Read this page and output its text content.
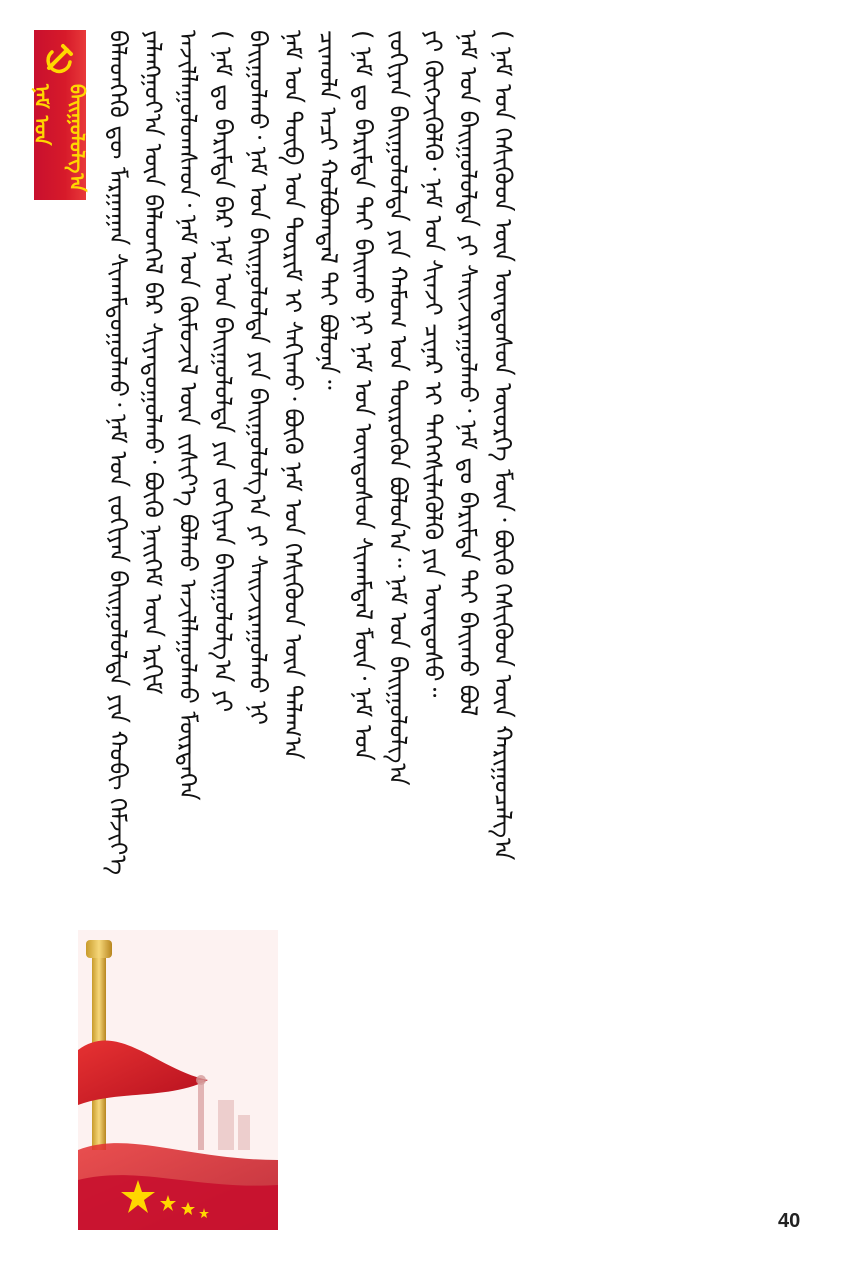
ᠨᠠᠮ ᠤᠨ ᠪᠠᠢᠭᠤᠯᠤᠯᠭ᠎ᠠ ᠪᠡᠯᠡᠳᠬᠡᠬᠦ ᠳᠦ ᠮᠠᠷᠭᠠᠭᠠᠨ ᠰᠢᠬᠠᠮᠳᠤᠭᠤᠯᠬᠤ᠂ ᠨᠠᠮ ᠤᠨ ᠵᠣᠬᠢᠶᠠᠨ ᠪᠠᠢᠭᠤᠯᠤᠯᠲᠠ ᠶᠢᠨ ᠬᠤᠪᠢ ᠬᠡᠮᠵᠢᠶ᠎ᠡ ᠶᠠᠯᠠᠩᠭᠤᠶ᠎ᠠ ᠦᠨ ᠪᠡᠯᠡᠳᠬᠡᠯ ᠪᠠᠷ ᠰᠢᠶᠠᠳᠤᠭᠤᠯᠬᠤ᠂ ᠪᠦᠬᠦ ᠨᠡᠢᠭᠡᠮ ᠦᠨ ᠡᠷᠬᠢᠮ ᠠᠵᠢᠯᠯᠠᠭᠤᠯᠤᠭᠰᠠᠳ᠂ ᠨᠠᠮ ᠤᠨ ᠬᠦᠮᠦᠵᠢᠯ ᠦᠨ ᠵᠢᠱᠢᠶ᠎ᠡ ᠪᠣᠯᠬᠤ ᠠᠵᠢᠯᠯᠠᠭᠤᠯᠬᠤ ᠮᠦᠷᠲᠡᠭᠡᠨ ( ᠨᠠᠮ ᠳᠤ ᠪᠠᠷᠢᠮᠲᠠ ᠪᠡᠷ ᠨᠠᠮ ᠤᠨ ᠪᠠᠢᠭᠤᠯᠤᠯᠲᠠ ᠶᠢᠨ ᠵᠣᠬᠢᠶᠠᠨ ᠪᠠᠢᠭᠤᠯᠤᠯᠭ᠎ᠠ ᠶᠢ ᠪᠠᠢᠭᠤᠯᠬᠤ᠂ ᠨᠠᠮ ᠤᠨ ᠪᠠᠢᠭᠤᠯᠤᠯᠲᠠ ᠶᠢᠨ ᠪᠠᠢᠭᠤᠯᠤᠯᠭ᠎ᠠ ᠶᠢ ᠰᠠᠢᠵᠢᠷᠠᠭᠤᠯᠬᠤ ᠨᠢ ᠨᠠᠮ ᠤᠨ ᠲᠥᠪ ᠤᠨ ᠳᠦᠷᠢᠮ ᠢ ᠰᠠᠬᠢᠬᠤ᠂ ᠪᠦᠬᠦ ᠨᠠᠮ ᠤᠨ ᠭᠡᠰᠢᠭᠦᠳ ᠦᠨ ᠲᠠᠯᠠᠭ᠎ᠠ ᠴᠢᠬᠤᠯᠠ ᠠᠴᠢ ᠬᠣᠯᠪᠣᠭᠳᠠᠯ ᠲᠠᠢ ᠪᠣᠯᠤᠨᠠ᠃ ( ᠨᠠᠮ ᠳᠤ ᠪᠠᠷᠢᠮᠲᠠ ᠲᠠᠢ ᠪᠠᠢᠬᠤ ᠨᠢ ᠨᠠᠮ ᠤᠨ ᠦᠨᠳᠦᠰᠦᠨ ᠰᠢᠬᠠᠮᠳᠠᠯ ᠮᠥᠨ᠂ ᠨᠠᠮ ᠤᠨ ᠵᠣᠬᠢᠶᠠᠨ ᠪᠠᠢᠭᠤᠯᠤᠯᠲᠠ ᠶᠢᠨ ᠬᠠᠮᠤᠭ ᠤᠨ ᠲᠦᠷᠦᠭᠦᠨ ᠪᠣᠯᠤᠨ᠎ᠠ᠃ ᠨᠠᠮ ᠤᠨ ᠪᠠᠢᠭᠤᠯᠤᠯᠭ᠎ᠠ ᠶᠢ ᠬᠥᠭᠵᠢᠭᠦᠯᠬᠦ᠂ ᠨᠠᠮ ᠤᠨ ᠰᠢᠨᠵᠢ ᠴᠢᠨᠠᠷ ᠢ ᠳᠡᠭᠡᠭᠰᠢᠯᠡᠭᠦᠯᠬᠦ ᠶᠢᠨ ᠦᠨᠳᠦᠰᠦ᠃ ᠨᠠᠮ ᠤᠨ ᠪᠠᠢᠭᠤᠯᠤᠯᠲᠠ ᠶᠢ ᠰᠠᠢᠵᠢᠷᠠᠭᠤᠯᠬᠤ᠂ ᠨᠠᠮ ᠳᠤ ᠪᠠᠷᠢᠮᠲᠠ ᠲᠠᠢ ᠪᠠᠢᠬᠤ ᠪᠣᠯ ( ᠨᠠᠮ ᠤᠨ ᠭᠡᠰᠢᠭᠦᠳ ᠦᠨ ᠦᠨᠳᠦᠰᠦᠨ ᠦᠦᠷᠭᠡ ᠮᠥᠨ᠂ ᠪᠦᠬᠦ ᠭᠡᠰᠢᠭᠦᠳ ᠦᠨ ᠬᠠᠷᠢᠭᠤᠴᠠᠯᠭ᠎ᠠ
40
